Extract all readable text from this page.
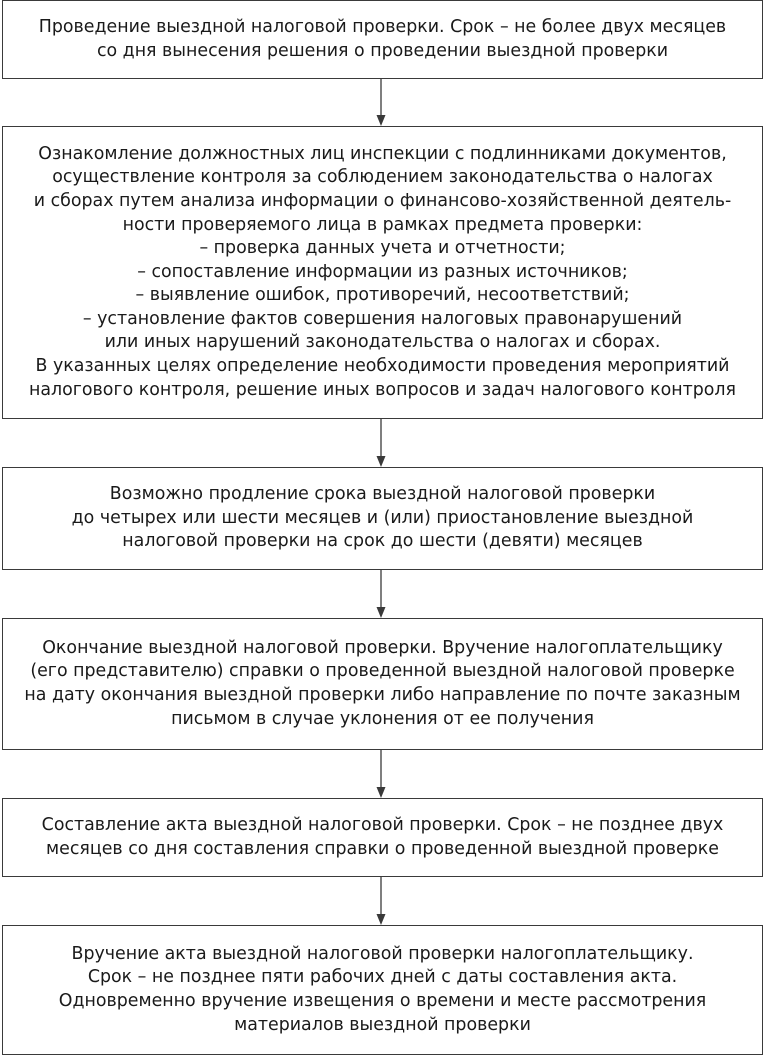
Проведение выездной налоговой проверки. Срок – не более двух месяцев
со дня вынесения решения о проведении выездной проверки
Ознакомление должностных лиц инспекции с подлинниками документов,
осуществление контроля за соблюдением законодательства о налогах
и сборах путем анализа информации о финансово-хозяйственной деятель-
ности проверяемого лица в рамках предмета проверки:
– проверка данных учета и отчетности;
– сопоставление информации из разных источников;
– выявление ошибок, противоречий, несоответствий;
– установление фактов совершения налоговых правонарушений
или иных нарушений законодательства о налогах и сборах.
В указанных целях определение необходимости проведения мероприятий
налогового контроля, решение иных вопросов и задач налогового контроля
Возможно продление срока выездной налоговой проверки
до четырех или шести месяцев и (или) приостановление выездной
налоговой проверки на срок до шести (девяти) месяцев
Окончание выездной налоговой проверки. Вручение налогоплательщику
(его представителю) справки о проведенной выездной налоговой проверке
на дату окончания выездной проверки либо направление по почте заказным
письмом в случае уклонения от ее получения
Составление акта выездной налоговой проверки. Срок – не позднее двух
месяцев со дня составления справки о проведенной выездной проверке
Вручение акта выездной налоговой проверки налогоплательщику.
Срок – не позднее пяти рабочих дней с даты составления акта.
Одновременно вручение извещения о времени и месте рассмотрения
материалов выездной проверки
